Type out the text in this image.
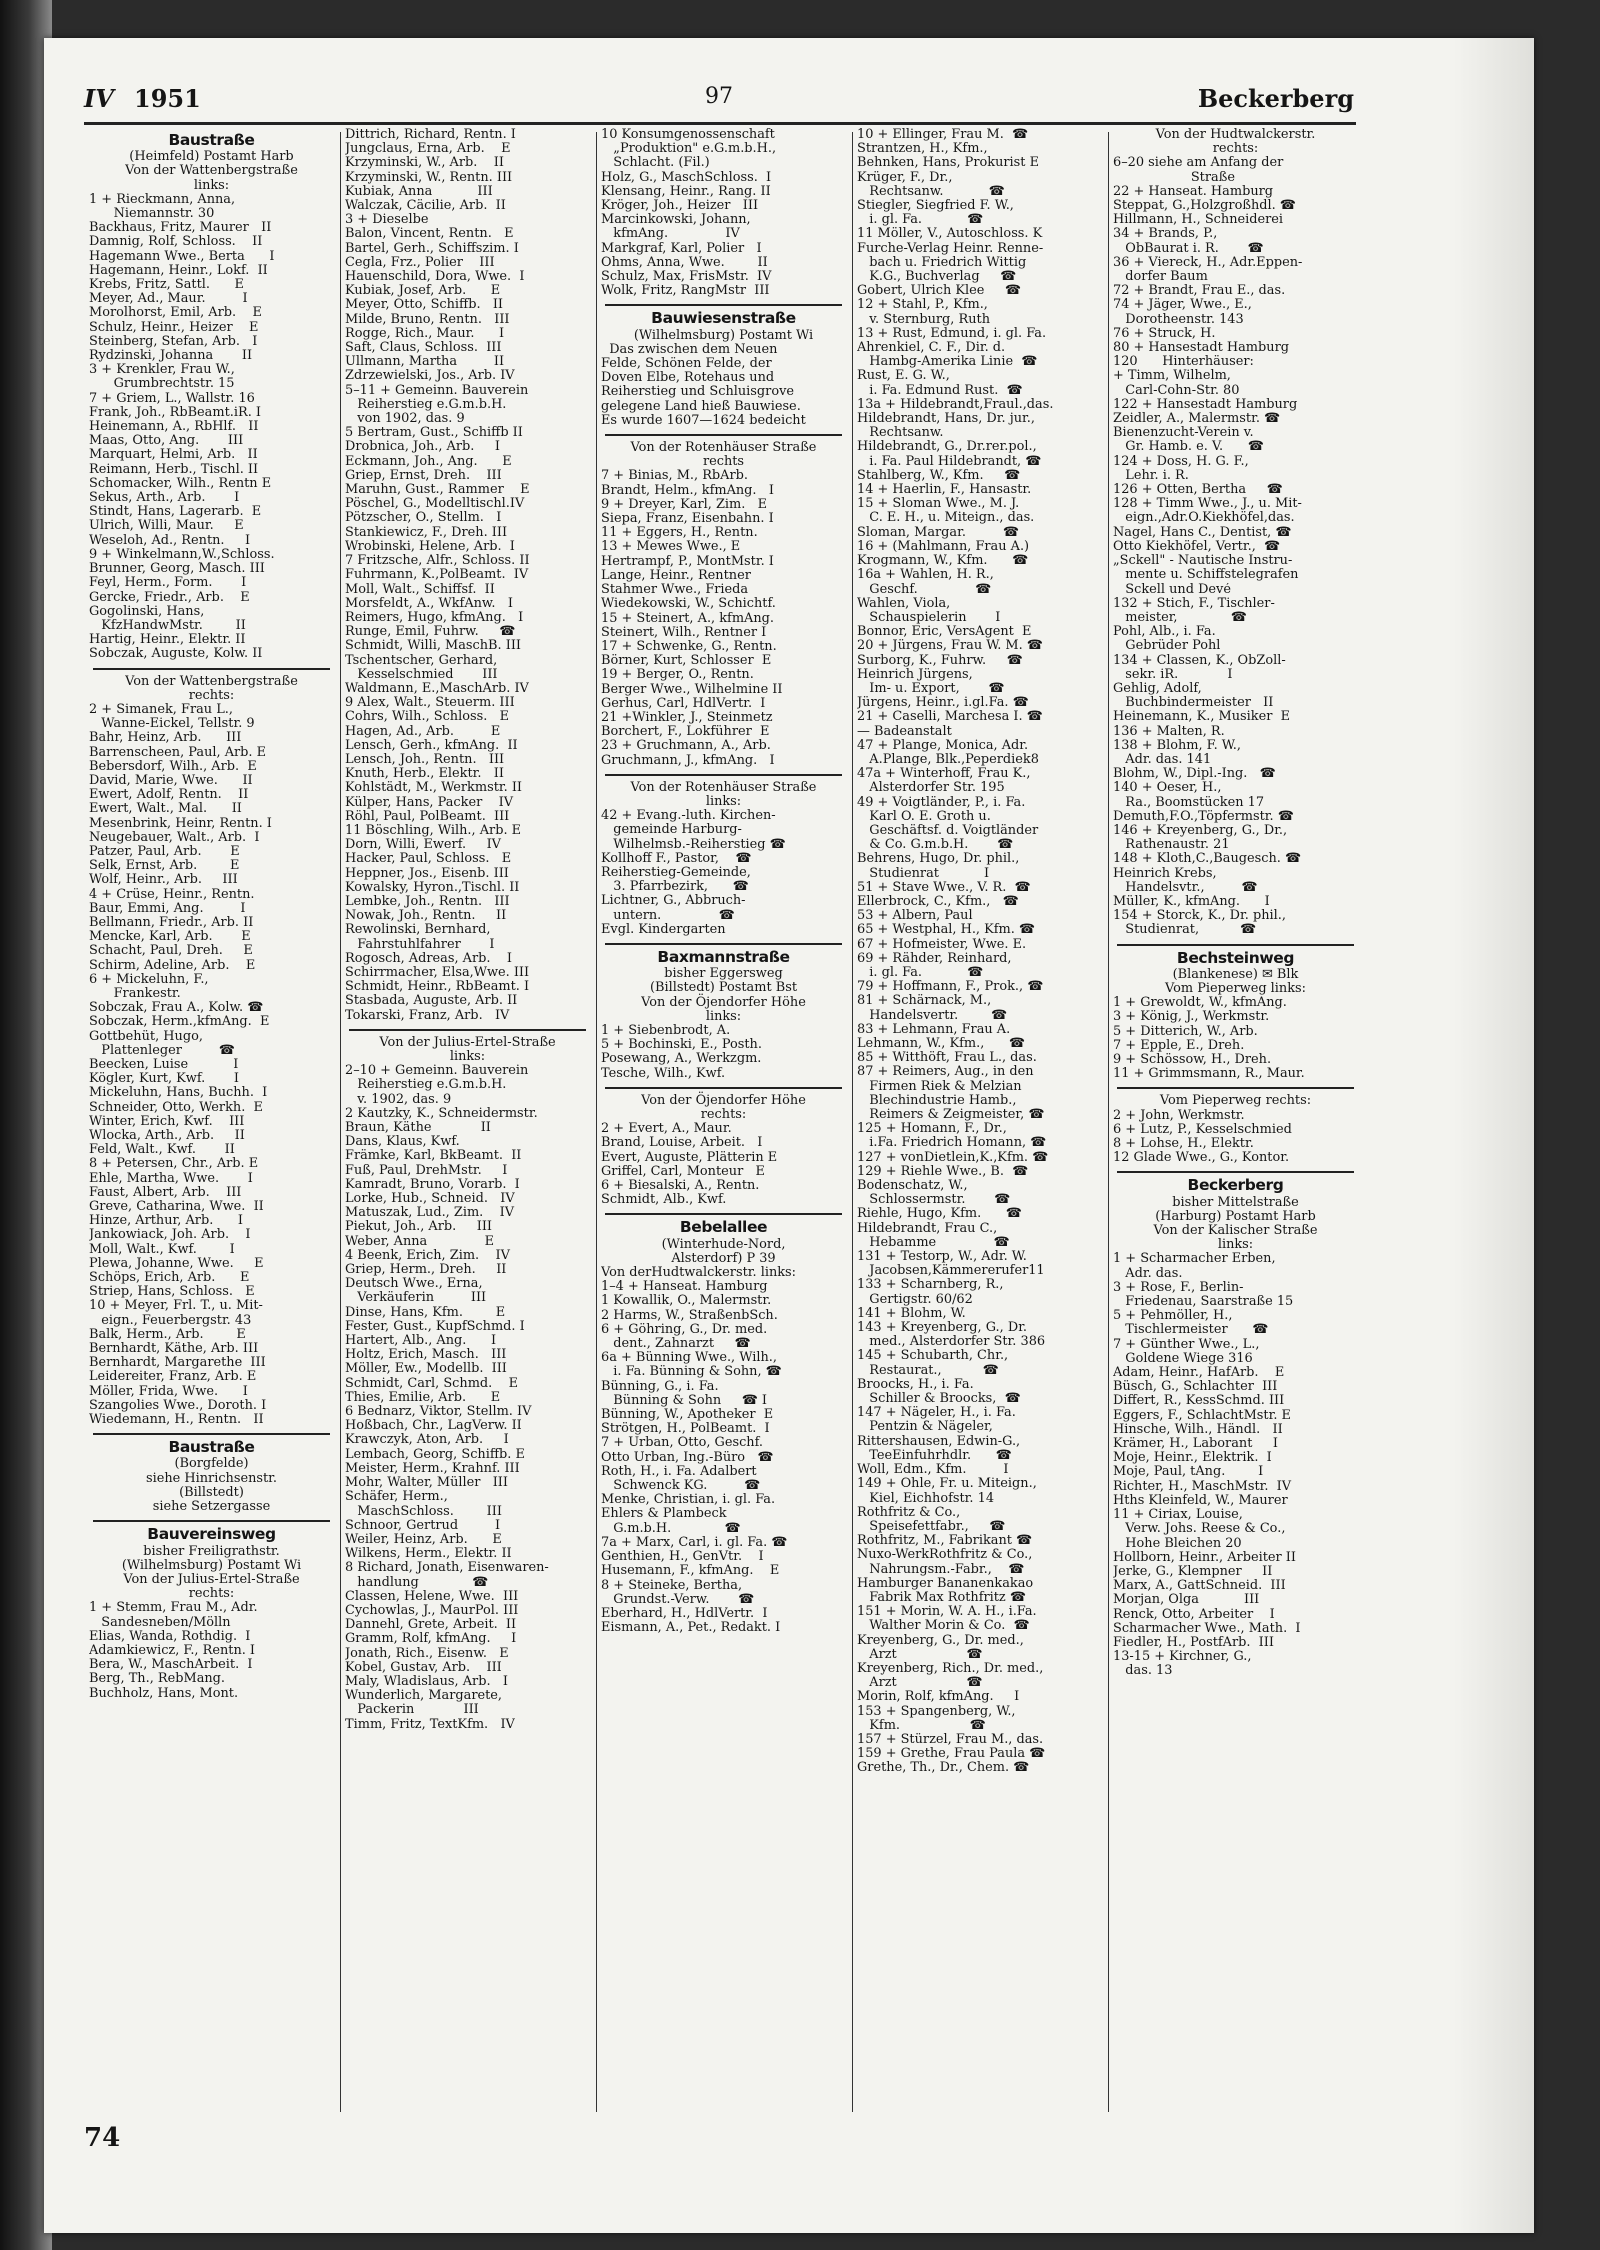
IV 1951	97	Beckerberg
Baustraße
(Heimfeld) Postamt Harb
Von der Wattenbergstraße
links:
1 + Rieckmann, Anna,
Niemannstr. 30
Backhaus, Fritz, Maurer   II
Damnig, Rolf, Schloss.    II
Hagemann Wwe., Berta      I
Hagemann, Heinr., Lokf.  II
Krebs, Fritz, Sattl.      E
Meyer, Ad., Maur.         I
Morolhorst, Emil, Arb.    E
Schulz, Heinr., Heizer    E
Steinberg, Stefan, Arb.   I
Rydzinski, Johanna       II
3 + Krenkler, Frau W.,
Grumbrechtstr. 15
7 + Griem, L., Wallstr. 16
Frank, Joh., RbBeamt.iR. I
Heinemann, A., RbHlf.   II
Maas, Otto, Ang.       III
Marquart, Helmi, Arb.   II
Reimann, Herb., Tischl. II
Schomacker, Wilh., Rentn E
Sekus, Arth., Arb.       I
Stindt, Hans, Lagerarb.  E
Ulrich, Willi, Maur.     E
Weseloh, Ad., Rentn.     I
9 + Winkelmann,W.,Schloss.
Brunner, Georg, Masch. III
Feyl, Herm., Form.       I
Gercke, Friedr., Arb.    E
Gogolinski, Hans,
KfzHandwMstr.        II
Hartig, Heinr., Elektr. II
Sobczak, Auguste, Kolw. II
Von der Wattenbergstraße
rechts:
2 + Simanek, Frau L.,
Wanne-Eickel, Tellstr. 9
Bahr, Heinz, Arb.      III
Barrenscheen, Paul, Arb. E
Bebersdorf, Wilh., Arb.  E
David, Marie, Wwe.      II
Ewert, Adolf, Rentn.    II
Ewert, Walt., Mal.      II
Mesenbrink, Heinr, Rentn. I
Neugebauer, Walt., Arb.  I
Patzer, Paul, Arb.       E
Selk, Ernst, Arb.        E
Wolf, Heinr., Arb.     III
4 + Crüse, Heinr., Rentn.
Baur, Emmi, Ang.         I
Bellmann, Friedr., Arb. II
Mencke, Karl, Arb.       E
Schacht, Paul, Dreh.     E
Schirm, Adeline, Arb.    E
6 + Mickeluhn, F.,
Frankestr.
Sobczak, Frau A., Kolw. ☎
Sobczak, Herm.,kfmAng.  E
Gottbehüt, Hugo,
Plattenleger         ☎
Beecken, Luise           I
Kögler, Kurt, Kwf.       I
Mickeluhn, Hans, Buchh.  I
Schneider, Otto, Werkh.  E
Winter, Erich, Kwf.    III
Wlocka, Arth., Arb.     II
Feld, Walt., Kwf.       II
8 + Petersen, Chr., Arb. E
Ehle, Martha, Wwe.       I
Faust, Albert, Arb.    III
Greve, Catharina, Wwe.  II
Hinze, Arthur, Arb.      I
Jankowiack, Joh. Arb.    I
Moll, Walt., Kwf.        I
Plewa, Johanne, Wwe.     E
Schöps, Erich, Arb.      E
Striep, Hans, Schloss.   E
10 + Meyer, Frl. T., u. Mit-
eign., Feuerbergstr. 43
Balk, Herm., Arb.        E
Bernhardt, Käthe, Arb. III
Bernhardt, Margarethe  III
Leidereiter, Franz, Arb. E
Möller, Frida, Wwe.      I
Szangolies Wwe., Doroth. I
Wiedemann, H., Rentn.   II
Baustraße
(Borgfelde)
siehe Hinrichsenstr.
(Billstedt)
siehe Setzergasse
Bauvereinsweg
bisher Freiligrathstr.
(Wilhelmsburg) Postamt Wi
Von der Julius-Ertel-Straße
rechts:
1 + Stemm, Frau M., Adr.
Sandesneben/Mölln
Elias, Wanda, Rothdig.  I
Adamkiewicz, F., Rentn. I
Bera, W., MaschArbeit.  I
Berg, Th., RebMang.
Buchholz, Hans, Mont.
Dittrich, Richard, Rentn. I
Jungclaus, Erna, Arb.    E
Krzyminski, W., Arb.    II
Krzyminski, W., Rentn. III
Kubiak, Anna           III
Walczak, Cäcilie, Arb.  II
3 + Dieselbe
Balon, Vincent, Rentn.   E
Bartel, Gerh., Schiffszim. I
Cegla, Frz., Polier    III
Hauenschild, Dora, Wwe.  I
Kubiak, Josef, Arb.      E
Meyer, Otto, Schiffb.   II
Milde, Bruno, Rentn.   III
Rogge, Rich., Maur.      I
Saft, Claus, Schloss.  III
Ullmann, Martha         II
Zdrzewielski, Jos., Arb. IV
5–11 + Gemeinn. Bauverein
Reiherstieg e.G.m.b.H.
von 1902, das. 9
5 Bertram, Gust., Schiffb II
Drobnica, Joh., Arb.     I
Eckmann, Joh., Ang.      E
Griep, Ernst, Dreh.    III
Maruhn, Gust., Rammer    E
Pöschel, G., Modelltischl.IV
Pötzscher, O., Stellm.   I
Stankiewicz, F., Dreh. III
Wrobinski, Helene, Arb.  I
7 Fritzsche, Alfr., Schloss. II
Fuhrmann, K.,PolBeamt.  IV
Moll, Walt., Schiffsf.  II
Morsfeldt, A., WkfAnw.   I
Reimers, Hugo, kfmAng.   I
Runge, Emil, Fuhrw.     ☎
Schmidt, Willi, MaschB. III
Tschentscher, Gerhard,
Kesselschmied       III
Waldmann, E.,MaschArb. IV
9 Alex, Walt., Steuerm. III
Cohrs, Wilh., Schloss.   E
Hagen, Ad., Arb.         E
Lensch, Gerh., kfmAng.  II
Lensch, Joh., Rentn.   III
Knuth, Herb., Elektr.   II
Kohlstädt, M., Werkmstr. II
Külper, Hans, Packer    IV
Röhl, Paul, PolBeamt.  III
11 Böschling, Wilh., Arb. E
Dorn, Willi, Ewerf.     IV
Hacker, Paul, Schloss.   E
Heppner, Jos., Eisenb. III
Kowalsky, Hyron.,Tischl. II
Lembke, Joh., Rentn.   III
Nowak, Joh., Rentn.     II
Rewolinski, Bernhard,
Fahrstuhlfahrer       I
Rogosch, Adreas, Arb.    I
Schirrmacher, Elsa,Wwe. III
Schmidt, Heinr., RbBeamt. I
Stasbada, Auguste, Arb. II
Tokarski, Franz, Arb.   IV
Von der Julius-Ertel-Straße
links:
2–10 + Gemeinn. Bauverein
Reiherstieg e.G.m.b.H.
v. 1902, das. 9
2 Kautzky, K., Schneidermstr.
Braun, Käthe            II
Dans, Klaus, Kwf.
Främke, Karl, BkBeamt.  II
Fuß, Paul, DrehMstr.     I
Kamradt, Bruno, Vorarb.  I
Lorke, Hub., Schneid.   IV
Matuszak, Lud., Zim.    IV
Piekut, Joh., Arb.     III
Weber, Anna              E
4 Beenk, Erich, Zim.    IV
Griep, Herm., Dreh.     II
Deutsch Wwe., Erna,
Verkäuferin         III
Dinse, Hans, Kfm.        E
Fester, Gust., KupfSchmd. I
Hartert, Alb., Ang.      I
Holtz, Erich, Masch.   III
Möller, Ew., Modellb.  III
Schmidt, Carl, Schmd.    E
Thies, Emilie, Arb.      E
6 Bednarz, Viktor, Stellm. IV
Hoßbach, Chr., LagVerw. II
Krawczyk, Aton, Arb.     I
Lembach, Georg, Schiffb. E
Meister, Herm., Krahnf. III
Mohr, Walter, Müller   III
Schäfer, Herm.,
MaschSchloss.        III
Schnoor, Gertrud         I
Weiler, Heinz, Arb.      E
Wilkens, Herm., Elektr. II
8 Richard, Jonath, Eisenwaren-
handlung             ☎
Classen, Helene, Wwe.  III
Cychowlas, J., MaurPol. III
Dannehl, Grete, Arbeit.  II
Gramm, Rolf, kfmAng.     I
Jonath, Rich., Eisenw.   E
Kobel, Gustav, Arb.    III
Maly, Wladislaus, Arb.   I
Wunderlich, Margarete,
Packerin            III
Timm, Fritz, TextKfm.   IV
10 Konsumgenossenschaft
„Produktion" e.G.m.b.H.,
Schlacht. (Fil.)
Holz, G., MaschSchloss.  I
Klensang, Heinr., Rang. II
Kröger, Joh., Heizer   III
Marcinkowski, Johann,
kfmAng.              IV
Markgraf, Karl, Polier   I
Ohms, Anna, Wwe.        II
Schulz, Max, FrisMstr.  IV
Wolk, Fritz, RangMstr  III
Bauwiesenstraße
(Wilhelmsburg) Postamt Wi
Das zwischen dem Neuen
Felde, Schönen Felde, der
Doven Elbe, Rotehaus und
Reiherstieg und Schluisgrove
gelegene Land hieß Bauwiese.
Es wurde 1607—1624 bedeicht
Von der Rotenhäuser Straße
rechts
7 + Binias, M., RbArb.
Brandt, Helm., kfmAng.   I
9 + Dreyer, Karl, Zim.   E
Siepa, Franz, Eisenbahn. I
11 + Eggers, H., Rentn.
13 + Mewes Wwe., E
Hertrampf, P., MontMstr. I
Lange, Heinr., Rentner
Stahmer Wwe., Frieda
Wiedekowski, W., Schichtf.
15 + Steinert, A., kfmAng.
Steinert, Wilh., Rentner I
17 + Schwenke, G., Rentn.
Börner, Kurt, Schlosser  E
19 + Berger, O., Rentn.
Berger Wwe., Wilhelmine II
Gerhus, Carl, HdlVertr.  I
21 +Winkler, J., Steinmetz
Borchert, F., Lokführer  E
23 + Gruchmann, A., Arb.
Gruchmann, J., kfmAng.   I
Von der Rotenhäuser Straße
links:
42 + Evang.-luth. Kirchen-
gemeinde Harburg-
Wilhelmsb.-Reiherstieg ☎
Kollhoff F., Pastor,    ☎
Reiherstieg-Gemeinde,
3. Pfarrbezirk,      ☎
Lichtner, G., Abbruch-
untern.              ☎
Evgl. Kindergarten
Baxmannstraße
bisher Eggersweg
(Billstedt) Postamt Bst
Von der Öjendorfer Höhe
links:
1 + Siebenbrodt, A.
5 + Bochinski, E., Posth.
Posewang, A., Werkzgm.
Tesche, Wilh., Kwf.
Von der Öjendorfer Höhe
rechts:
2 + Evert, A., Maur.
Brand, Louise, Arbeit.   I
Evert, Auguste, Plätterin E
Griffel, Carl, Monteur   E
6 + Biesalski, A., Rentn.
Schmidt, Alb., Kwf.
Bebelallee
(Winterhude-Nord,
Alsterdorf) P 39
Von derHudtwalckerstr. links:
1–4 + Hanseat. Hamburg
1 Kowallik, O., Malermstr.
2 Harms, W., StraßenbSch.
6 + Göhring, G., Dr. med.
dent., Zahnarzt     ☎
6a + Bünning Wwe., Wilh.,
i. Fa. Bünning & Sohn, ☎
Bünning, G., i. Fa.
Bünning & Sohn     ☎ I
Bünning, W., Apotheker  E
Strötgen, H., PolBeamt.  I
7 + Urban, Otto, Geschf.
Otto Urban, Ing.-Büro   ☎
Roth, H., i. Fa. Adalbert
Schwenck KG.         ☎
Menke, Christian, i. gl. Fa.
Ehlers & Plambeck
G.m.b.H.             ☎
7a + Marx, Carl, i. gl. Fa. ☎
Genthien, H., GenVtr.    I
Husemann, F., kfmAng.    E
8 + Steineke, Bertha,
Grundst.-Verw.       ☎
Eberhard, H., HdlVertr.  I
Eismann, A., Pet., Redakt. I
10 + Ellinger, Frau M.  ☎
Strantzen, H., Kfm.,
Behnken, Hans, Prokurist E
Krüger, F., Dr.,
Rechtsanw.           ☎
Stiegler, Siegfried F. W.,
i. gl. Fa.           ☎
11 Möller, V., Autoschloss. K
Furche-Verlag Heinr. Renne-
bach u. Friedrich Wittig
K.G., Buchverlag     ☎
Gobert, Ulrich Klee     ☎
12 + Stahl, P., Kfm.,
v. Sternburg, Ruth
13 + Rust, Edmund, i. gl. Fa.
Ahrenkiel, C. F., Dir. d.
Hambg-Amerika Linie  ☎
Rust, E. G. W.,
i. Fa. Edmund Rust.  ☎
13a + Hildebrandt,Fraul.,das.
Hildebrandt, Hans, Dr. jur.,
Rechtsanw.
Hildebrandt, G., Dr.rer.pol.,
i. Fa. Paul Hildebrandt, ☎
Stahlberg, W., Kfm.     ☎
14 + Haerlin, F., Hansastr.
15 + Sloman Wwe., M. J.
C. E. H., u. Miteign., das.
Sloman, Margar.         ☎
16 + (Mahlmann, Frau A.)
Krogmann, W., Kfm.      ☎
16a + Wahlen, H. R.,
Geschf.              ☎
Wahlen, Viola,
Schauspielerin       I
Bonnor, Eric, VersAgent  E
20 + Jürgens, Frau W. M. ☎
Surborg, K., Fuhrw.     ☎
Heinrich Jürgens,
Im- u. Export,       ☎
Jürgens, Heinr., i.gl.Fa. ☎
21 + Caselli, Marchesa I. ☎
— Badeanstalt
47 + Plange, Monica, Adr.
A.Plange, Blk.,Peperdiek8
47a + Winterhoff, Frau K.,
Alsterdorfer Str. 195
49 + Voigtländer, P., i. Fa.
Karl O. E. Groth u.
Geschäftsf. d. Voigtländer
& Co. G.m.b.H.       ☎
Behrens, Hugo, Dr. phil.,
Studienrat           I
51 + Stave Wwe., V. R.  ☎
Ellerbrock, C., Kfm.,   ☎
53 + Albern, Paul
65 + Westphal, H., Kfm. ☎
67 + Hofmeister, Wwe. E.
69 + Rähder, Reinhard,
i. gl. Fa.           ☎
79 + Hoffmann, F., Prok., ☎
81 + Schärnack, M.,
Handelsvertr.        ☎
83 + Lehmann, Frau A.
Lehmann, W., Kfm.,      ☎
85 + Witthöft, Frau L., das.
87 + Reimers, Aug., in den
Firmen Riek & Melzian
Blechindustrie Hamb.,
Reimers & Zeigmeister, ☎
125 + Homann, F., Dr.,
i.Fa. Friedrich Homann, ☎
127 + vonDietlein,K.,Kfm. ☎
129 + Riehle Wwe., B.  ☎
Bodenschatz, W.,
Schlossermstr.       ☎
Riehle, Hugo, Kfm.      ☎
Hildebrandt, Frau C.,
Hebamme              ☎
131 + Testorp, W., Adr. W.
Jacobsen,Kämmererufer11
133 + Scharnberg, R.,
Gertigstr. 60/62
141 + Blohm, W.
143 + Kreyenberg, G., Dr.
med., Alsterdorfer Str. 386
145 + Schubarth, Chr.,
Restaurat.,          ☎
Broocks, H., i. Fa.
Schiller & Broocks,  ☎
147 + Nägeler, H., i. Fa.
Pentzin & Nägeler,
Rittershausen, Edwin-G.,
TeeEinfuhrhdlr.      ☎
Woll, Edm., Kfm.         I
149 + Ohle, Fr. u. Miteign.,
Kiel, Eichhofstr. 14
Rothfritz & Co.,
Speisefettfabr.,     ☎
Rothfritz, M., Fabrikant ☎
Nuxo-WerkRothfritz & Co.,
Nahrungsm.-Fabr.,    ☎
Hamburger Bananenkakao
Fabrik Max Rothfritz ☎
151 + Morin, W. A. H., i.Fa.
Walther Morin & Co.  ☎
Kreyenberg, G., Dr. med.,
Arzt                 ☎
Kreyenberg, Rich., Dr. med.,
Arzt                 ☎
Morin, Rolf, kfmAng.     I
153 + Spangenberg, W.,
Kfm.                 ☎
157 + Stürzel, Frau M., das.
159 + Grethe, Frau Paula ☎
Grethe, Th., Dr., Chem. ☎
Von der Hudtwalckerstr.
rechts:
6–20 siehe am Anfang der
Straße
22 + Hanseat. Hamburg
Steppat, G.,Holzgroßhdl. ☎
Hillmann, H., Schneiderei
34 + Brands, P.,
ObBaurat i. R.       ☎
36 + Viereck, H., Adr.Eppen-
dorfer Baum
72 + Brandt, Frau E., das.
74 + Jäger, Wwe., E.,
Dorotheenstr. 143
76 + Struck, H.
80 + Hansestadt Hamburg
120      Hinterhäuser:
+ Timm, Wilhelm,
Carl-Cohn-Str. 80
122 + Hansestadt Hamburg
Zeidler, A., Malermstr. ☎
Bienenzucht-Verein v.
Gr. Hamb. e. V.      ☎
124 + Doss, H. G. F.,
Lehr. i. R.
126 + Otten, Bertha     ☎
128 + Timm Wwe., J., u. Mit-
eign.,Adr.O.Kiekhöfel,das.
Nagel, Hans C., Dentist, ☎
Otto Kiekhöfel, Vertr.,  ☎
„Sckell" - Nautische Instru-
mente u. Schiffstelegrafen
Sckell und Devé
132 + Stich, F., Tischler-
meister,             ☎
Pohl, Alb., i. Fa.
Gebrüder Pohl
134 + Classen, K., ObZoll-
sekr. iR.            I
Gehlig, Adolf,
Buchbindermeister   II
Heinemann, K., Musiker  E
136 + Malten, R.
138 + Blohm, F. W.,
Adr. das. 141
Blohm, W., Dipl.-Ing.   ☎
140 + Oeser, H.,
Ra., Boomstücken 17
Demuth,F.O.,Töpfermstr. ☎
146 + Kreyenberg, G., Dr.,
Rathenaustr. 21
148 + Kloth,C.,Baugesch. ☎
Heinrich Krebs,
Handelsvtr.,         ☎
Müller, K., kfmAng.      I
154 + Storck, K., Dr. phil.,
Studienrat,          ☎
Bechsteinweg
(Blankenese) ✉ Blk
Vom Pieperweg links:
1 + Grewoldt, W., kfmAng.
3 + König, J., Werkmstr.
5 + Ditterich, W., Arb.
7 + Epple, E., Dreh.
9 + Schössow, H., Dreh.
11 + Grimmsmann, R., Maur.
Vom Pieperweg rechts:
2 + John, Werkmstr.
6 + Lutz, P., Kesselschmied
8 + Lohse, H., Elektr.
12 Glade Wwe., G., Kontor.
Beckerberg
bisher Mittelstraße
(Harburg) Postamt Harb
Von der Kalischer Straße
links:
1 + Scharmacher Erben,
Adr. das.
3 + Rose, F., Berlin-
Friedenau, Saarstraße 15
5 + Pehmöller, H.,
Tischlermeister      ☎
7 + Günther Wwe., L.,
Goldene Wiege 316
Adam, Heinr., HafArb.    E
Büsch, G., Schlachter  III
Differt, R., KessSchmd. III
Eggers, F., SchlachtMstr. E
Hinsche, Wilh., Händl.   II
Krämer, H., Laborant     I
Moje, Heinr., Elektrik.  I
Moje, Paul, tAng.        I
Richter, H., MaschMstr.  IV
Hths Kleinfeld, W., Maurer
11 + Ciriax, Louise,
Verw. Johs. Reese & Co.,
Hohe Bleichen 20
Hollborn, Heinr., Arbeiter II
Jerke, G., Klempner     II
Marx, A., GattSchneid.  III
Morjan, Olga           III
Renck, Otto, Arbeiter    I
Scharmacher Wwe., Math.  I
Fiedler, H., PostfArb.  III
13-15 + Kirchner, G.,
das. 13
74
